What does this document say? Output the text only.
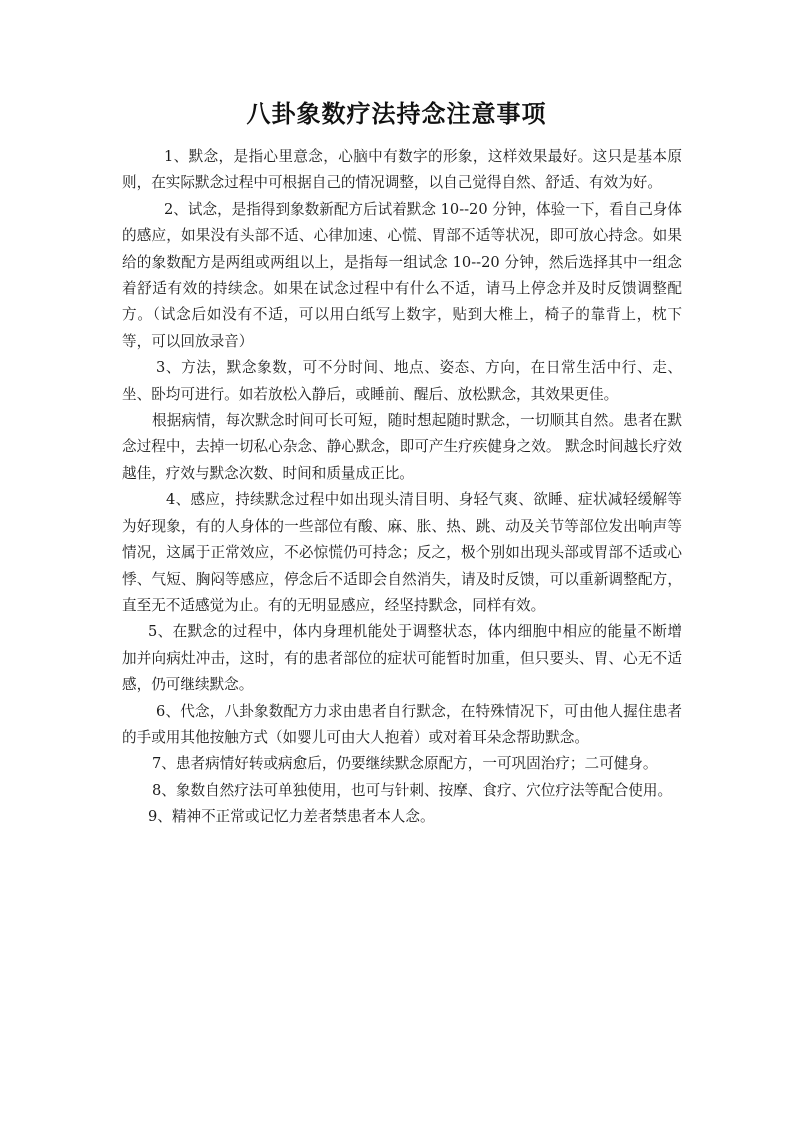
八卦象数疗法持念注意事项

1、默念，是指心里意念，心脑中有数字的形象，这样效果最好。这只是基本原则，在实际默念过程中可根据自己的情况调整，以自己觉得自然、舒适、有效为好。

2、试念，是指得到象数新配方后试着默念 10--20 分钟，体验一下，看自己身体的感应，如果没有头部不适、心律加速、心慌、胃部不适等状况，即可放心持念。如果给的象数配方是两组或两组以上，是指每一组试念 10--20 分钟，然后选择其中一组念着舒适有效的持续念。如果在试念过程中有什么不适，请马上停念并及时反馈调整配方。（试念后如没有不适，可以用白纸写上数字，贴到大椎上，椅子的靠背上，枕下等，可以回放录音）

3、方法，默念象数，可不分时间、地点、姿态、方向，在日常生活中行、走、坐、卧均可进行。如若放松入静后，或睡前、醒后、放松默念，其效果更佳。

根据病情，每次默念时间可长可短，随时想起随时默念，一切顺其自然。患者在默念过程中，去掉一切私心杂念、静心默念，即可产生疗疾健身之效。 默念时间越长疗效越佳，疗效与默念次数、时间和质量成正比。

4、感应，持续默念过程中如出现头清目明、身轻气爽、欲睡、症状减轻缓解等为好现象，有的人身体的一些部位有酸、麻、胀、热、跳、动及关节等部位发出响声等情况，这属于正常效应，不必惊慌仍可持念；反之，极个别如出现头部或胃部不适或心悸、气短、胸闷等感应，停念后不适即会自然消失，请及时反馈，可以重新调整配方，直至无不适感觉为止。有的无明显感应，经坚持默念，同样有效。

5、在默念的过程中，体内身理机能处于调整状态，体内细胞中相应的能量不断增加并向病灶冲击，这时，有的患者部位的症状可能暂时加重，但只要头、胃、心无不适感，仍可继续默念。

6、代念，八卦象数配方力求由患者自行默念，在特殊情况下，可由他人握住患者的手或用其他按触方式（如婴儿可由大人抱着）或对着耳朵念帮助默念。

7、患者病情好转或病愈后，仍要继续默念原配方，一可巩固治疗；二可健身。

8、象数自然疗法可单独使用，也可与针刺、按摩、食疗、穴位疗法等配合使用。

9、精神不正常或记忆力差者禁患者本人念。
